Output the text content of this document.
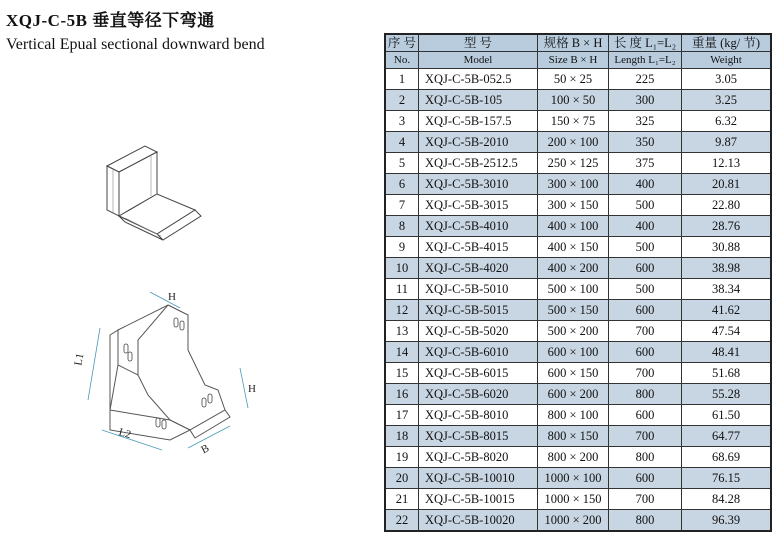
XQJ-C-5B 垂直等径下弯通
Vertical Epual sectional downward bend
H
L1
H
L2
B
序 号	型 号	规格 B × H	长 度 L₁=L₂	重量 (kg/ 节)
No.	Model	Size B × H	Length L₁=L₂	Weight
1	XQJ-C-5B-052.5	50 × 25	225	3.05
2	XQJ-C-5B-105	100 × 50	300	3.25
3	XQJ-C-5B-157.5	150 × 75	325	6.32
4	XQJ-C-5B-2010	200 × 100	350	9.87
5	XQJ-C-5B-2512.5	250 × 125	375	12.13
6	XQJ-C-5B-3010	300 × 100	400	20.81
7	XQJ-C-5B-3015	300 × 150	500	22.80
8	XQJ-C-5B-4010	400 × 100	400	28.76
9	XQJ-C-5B-4015	400 × 150	500	30.88
10	XQJ-C-5B-4020	400 × 200	600	38.98
11	XQJ-C-5B-5010	500 × 100	500	38.34
12	XQJ-C-5B-5015	500 × 150	600	41.62
13	XQJ-C-5B-5020	500 × 200	700	47.54
14	XQJ-C-5B-6010	600 × 100	600	48.41
15	XQJ-C-5B-6015	600 × 150	700	51.68
16	XQJ-C-5B-6020	600 × 200	800	55.28
17	XQJ-C-5B-8010	800 × 100	600	61.50
18	XQJ-C-5B-8015	800 × 150	700	64.77
19	XQJ-C-5B-8020	800 × 200	800	68.69
20	XQJ-C-5B-10010	1000 × 100	600	76.15
21	XQJ-C-5B-10015	1000 × 150	700	84.28
22	XQJ-C-5B-10020	1000 × 200	800	96.39
